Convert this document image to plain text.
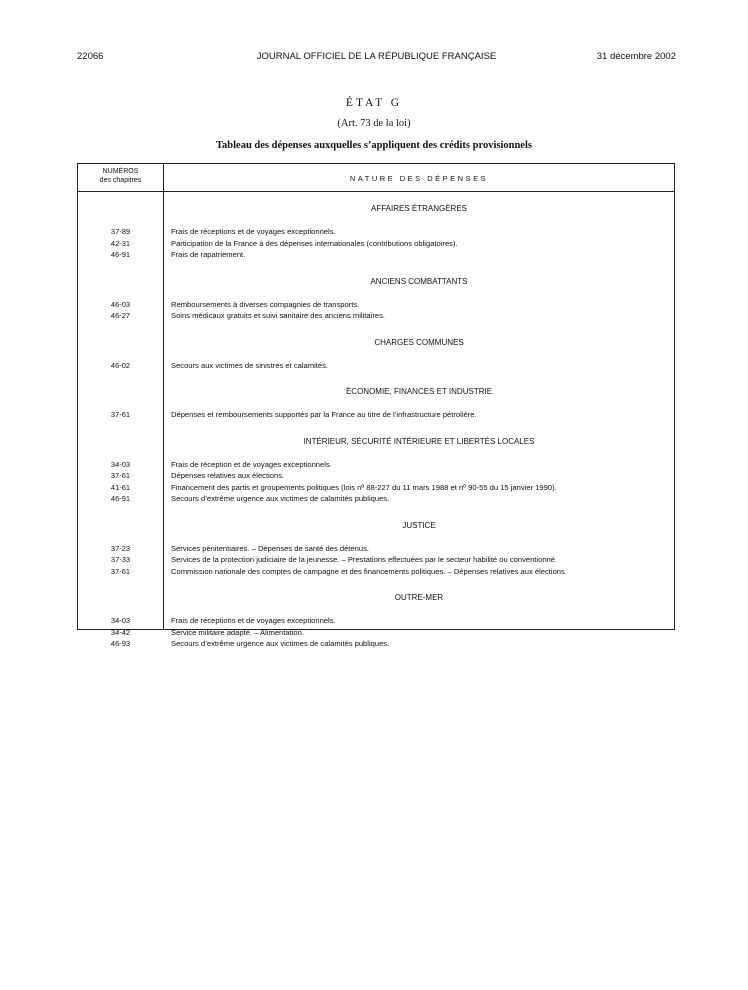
22066	JOURNAL OFFICIEL DE LA RÉPUBLIQUE FRANÇAISE	31 décembre 2002
ÉTAT G
(Art. 73 de la loi)
Tableau des dépenses auxquelles s’appliquent des crédits provisionnels
NUMÉROS
des chapitres	NATURE DES DÉPENSES
AFFAIRES ÉTRANGÈRES
37-89	Frais de réceptions et de voyages exceptionnels.
42-31	Participation de la France à des dépenses internationales (contributions obligatoires).
46-91	Frais de rapatriement.
ANCIENS COMBATTANTS
46-03	Remboursements à diverses compagnies de transports.
46-27	Soins médicaux gratuits et suivi sanitaire des anciens militaires.
CHARGES COMMUNES
46-02	Secours aux victimes de sinistres et calamités.
ÉCONOMIE, FINANCES ET INDUSTRIE
37-61	Dépenses et remboursements supportés par la France au titre de l’infrastructure pétrolière.
INTÉRIEUR, SÉCURITÉ INTÉRIEURE ET LIBERTÉS LOCALES
34-03	Frais de réception et de voyages exceptionnels.
37-61	Dépenses relatives aux élections.
41-61	Financement des partis et groupements politiques (lois nº 88-227 du 11 mars 1988 et nº 90-55 du 15 janvier 1990).
46-91	Secours d’extrême urgence aux victimes de calamités publiques.
JUSTICE
37-23	Services pénitentiaires. – Dépenses de santé des détenus.
37-33	Services de la protection judiciaire de la jeunesse. – Prestations effectuées par le secteur habilité ou conventionné.
37-61	Commission nationale des comptes de campagne et des financements politiques. – Dépenses relatives aux élections.
OUTRE-MER
34-03	Frais de réceptions et de voyages exceptionnels.
34-42	Service militaire adapté. – Alimentation.
46-93	Secours d’extrême urgence aux victimes de calamités publiques.
